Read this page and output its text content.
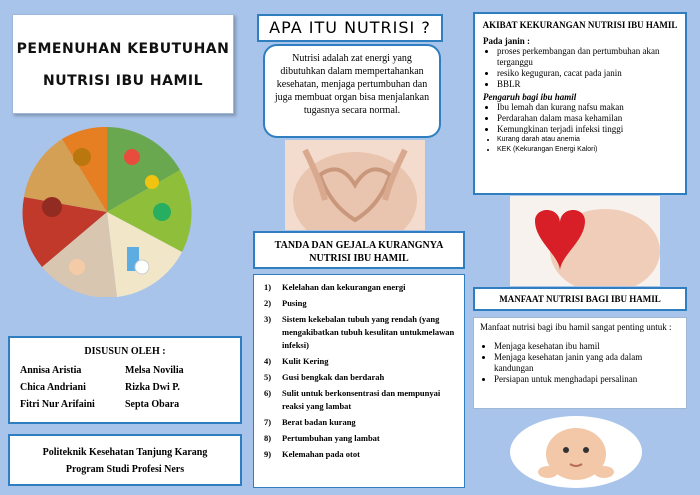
PEMENUHAN KEBUTUHAN
NUTRISI IBU HAMIL
DISUSUN OLEH :
Annisa Aristia	Melsa Novilia
Chica Andriani	Rizka Dwi P.
Fitri Nur Arifaini	Septa Obara
Politeknik Kesehatan Tanjung Karang
Program Studi Profesi Ners
APA ITU NUTRISI ?
Nutrisi adalah zat energi yang dibutuhkan dalam mempertahankan kesehatan, menjaga pertumbuhan dan juga membuat organ bisa menjalankan tugasnya secara normal.
TANDA DAN GEJALA KURANGNYA NUTRISI IBU HAMIL
1)	Kelelahan dan kekurangan energi
2)	Pusing
3)	Sistem kekebalan tubuh yang rendah (yang mengakibatkan tubuh kesulitan untukmelawan infeksi)
4)	Kulit Kering
5)	Gusi bengkak dan berdarah
6)	Sulit untuk berkonsentrasi dan mempunyai reaksi yang lambat
7)	Berat badan kurang
8)	Pertumbuhan yang lambat
9)	Kelemahan pada otot
AKIBAT KEKURANGAN NUTRISI IBU HAMIL
Pada janin :
• proses perkembangan dan pertumbuhan akan terganggu
• resiko keguguran, cacat pada janin
• BBLR
Pengaruh bagi ibu hamil
• Ibu lemah dan kurang nafsu makan
• Perdarahan dalam masa kehamilan
• Kemungkinan terjadi infeksi tinggi
• Kurang darah atau anemia
• KEK (Kekurangan Energi Kalori)
MANFAAT NUTRISI BAGI IBU HAMIL
Manfaat nutrisi bagi ibu hamil sangat penting untuk :
• Menjaga kesehatan ibu hamil
• Menjaga kesehatan janin yang ada dalam kandungan
• Persiapan untuk menghadapi persalinan
